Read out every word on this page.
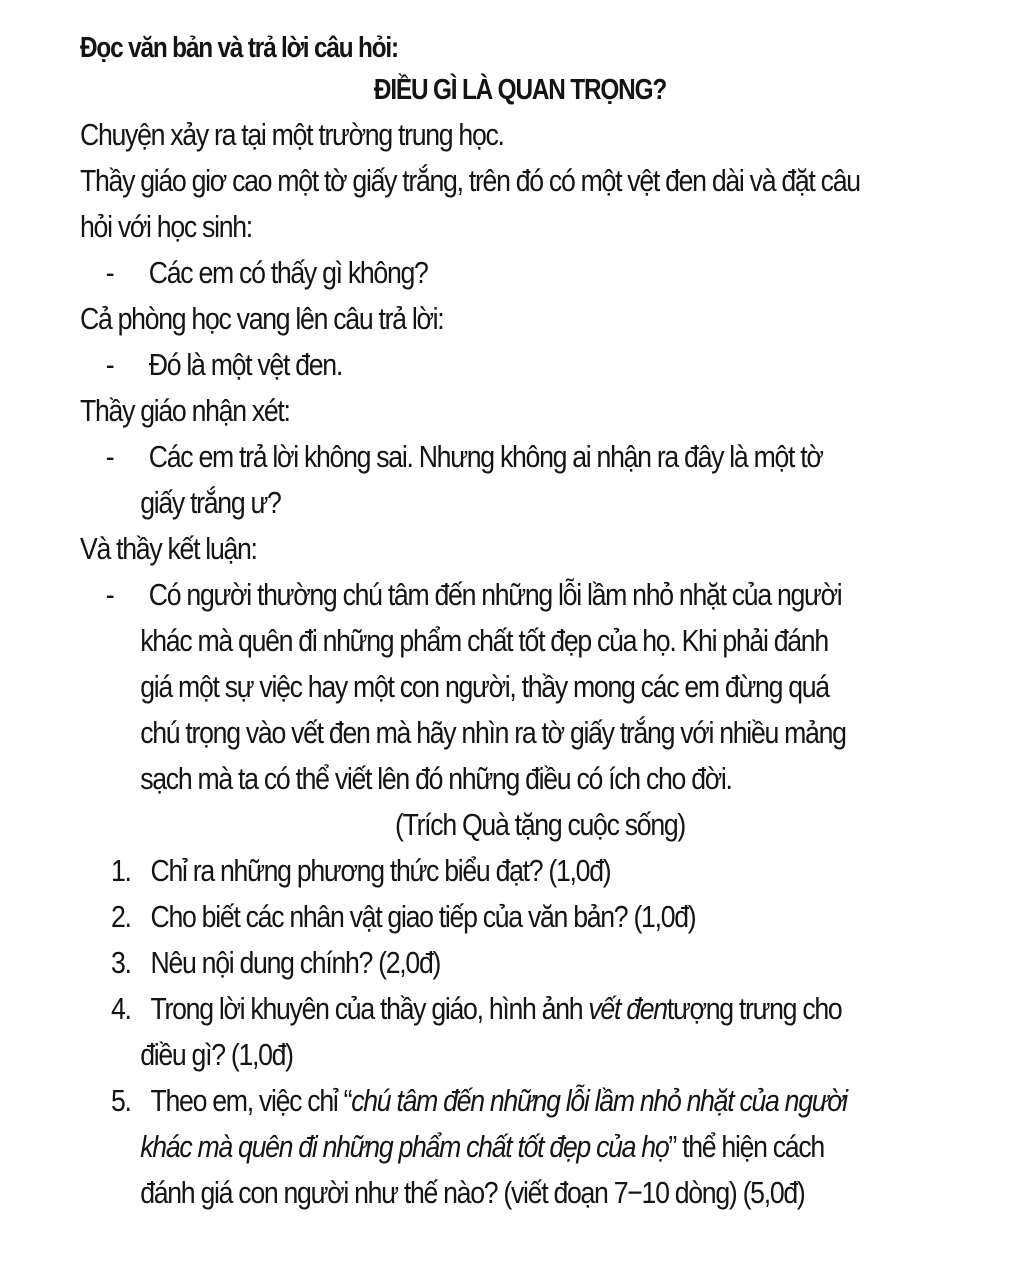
Đọc văn bản và trả lời câu hỏi:
ĐIỀU GÌ LÀ QUAN TRỌNG?
Chuyện xảy ra tại một trường trung học.
Thầy giáo giơ cao một tờ giấy trắng, trên đó có một vệt đen dài và đặt câu
hỏi với học sinh:
- Các em có thấy gì không?
Cả phòng học vang lên câu trả lời:
- Đó là một vệt đen.
Thầy giáo nhận xét:
- Các em trả lời không sai. Nhưng không ai nhận ra đây là một tờ
giấy trắng ư?
Và thầy kết luận:
- Có người thường chú tâm đến những lỗi lầm nhỏ nhặt của người
khác mà quên đi những phẩm chất tốt đẹp của họ. Khi phải đánh
giá một sự việc hay một con người, thầy mong các em đừng quá
chú trọng vào vết đen mà hãy nhìn ra tờ giấy trắng với nhiều mảng
sạch mà ta có thể viết lên đó những điều có ích cho đời.
(Trích Quà tặng cuộc sống)
1. Chỉ ra những phương thức biểu đạt? (1,0đ)
2. Cho biết các nhân vật giao tiếp của văn bản? (1,0đ)
3. Nêu nội dung chính? (2,0đ)
4. Trong lời khuyên của thầy giáo, hình ảnh vết đentượng trưng cho
điều gì? (1,0đ)
5. Theo em, việc chỉ “chú tâm đến những lỗi lầm nhỏ nhặt của người
khác mà quên đi những phẩm chất tốt đẹp của họ” thể hiện cách
đánh giá con người như thế nào? (viết đoạn 7−10 dòng) (5,0đ)
